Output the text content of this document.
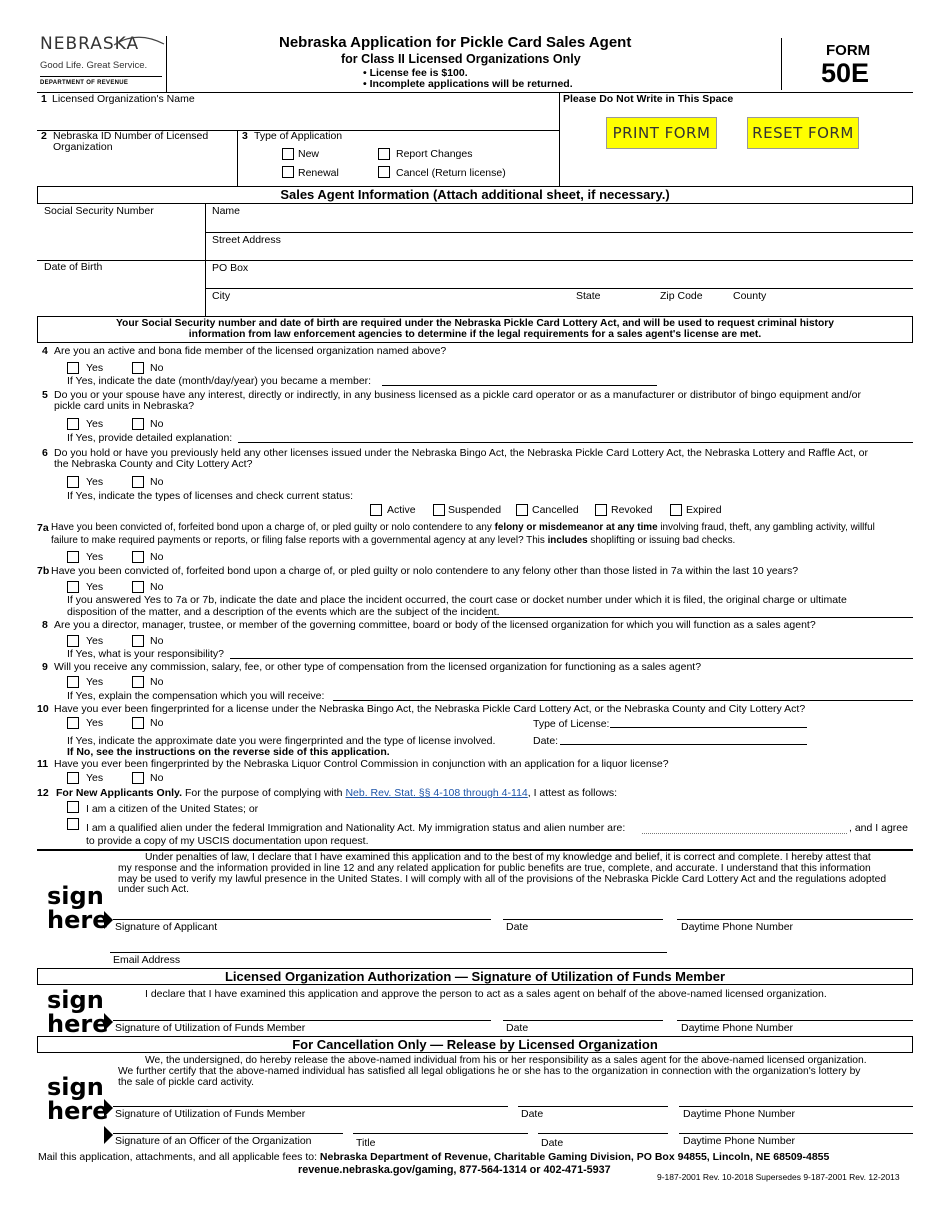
NEBRASKA
Good Life. Great Service.
DEPARTMENT OF REVENUE
Nebraska Application for Pickle Card Sales Agent
for Class II Licensed Organizations Only
• License fee is $100.
• Incomplete applications will be returned.
FORM
50E
1 Licensed Organization's Name	Please Do Not Write in This Space
PRINT FORM	RESET FORM
2 Nebraska ID Number of Licensed
Organization
3 Type of Application
New
Renewal
Report Changes
Cancel (Return license)
Sales Agent Information (Attach additional sheet, if necessary.)
Social Security Number
Date of Birth
Name
Street Address
PO Box
City	State	Zip Code	County
Your Social Security number and date of birth are required under the Nebraska Pickle Card Lottery Act, and will be used to request criminal history
information from law enforcement agencies to determine if the legal requirements for a sales agent's license are met.
4 Are you an active and bona fide member of the licensed organization named above?
Yes	No
If Yes, indicate the date (month/day/year) you became a member:
5 Do you or your spouse have any interest, directly or indirectly, in any business licensed as a pickle card operator or as a manufacturer or distributor of bingo equipment and/or
pickle card units in Nebraska?
Yes	No
If Yes, provide detailed explanation:
6 Do you hold or have you previously held any other licenses issued under the Nebraska Bingo Act, the Nebraska Pickle Card Lottery Act, the Nebraska Lottery and Raffle Act, or
the Nebraska County and City Lottery Act?
Yes	No
If Yes, indicate the types of licenses and check current status:
Active	Suspended	Cancelled	Revoked	Expired
7a Have you been convicted of, forfeited bond upon a charge of, or pled guilty or nolo contendere to any felony or misdemeanor at any time involving fraud, theft, any gambling activity, willful
failure to make required payments or reports, or filing false reports with a governmental agency at any level? This includes shoplifting or issuing bad checks.
Yes	No
7b Have you been convicted of, forfeited bond upon a charge of, or pled guilty or nolo contendere to any felony other than those listed in 7a within the last 10 years?
Yes	No
If you answered Yes to 7a or 7b, indicate the date and place the incident occurred, the court case or docket number under which it is filed, the original charge or ultimate
disposition of the matter, and a description of the events which are the subject of the incident.
8 Are you a director, manager, trustee, or member of the governing committee, board or body of the licensed organization for which you will function as a sales agent?
Yes	No
If Yes, what is your responsibility?
9 Will you receive any commission, salary, fee, or other type of compensation from the licensed organization for functioning as a sales agent?
Yes	No
If Yes, explain the compensation which you will receive:
10 Have you ever been fingerprinted for a license under the Nebraska Bingo Act, the Nebraska Pickle Card Lottery Act, or the Nebraska County and City Lottery Act?
Yes	No	Type of License:
If Yes, indicate the approximate date you were fingerprinted and the type of license involved.	Date:
If No, see the instructions on the reverse side of this application.
11 Have you ever been fingerprinted by the Nebraska Liquor Control Commission in conjunction with an application for a liquor license?
Yes	No
12 For New Applicants Only. For the purpose of complying with Neb. Rev. Stat. §§ 4-108 through 4-114, I attest as follows:
I am a citizen of the United States; or
I am a qualified alien under the federal Immigration and Nationality Act. My immigration status and alien number are:	, and I agree
to provide a copy of my USCIS documentation upon request.
Under penalties of law, I declare that I have examined this application and to the best of my knowledge and belief, it is correct and complete. I hereby attest that
my response and the information provided in line 12 and any related application for public benefits are true, complete, and accurate. I understand that this information
may be used to verify my lawful presence in the United States. I will comply with all of the provisions of the Nebraska Pickle Card Lottery Act and the regulations adopted
under such Act.
sign
here Signature of Applicant	Date	Daytime Phone Number
Email Address
Licensed Organization Authorization — Signature of Utilization of Funds Member
I declare that I have examined this application and approve the person to act as a sales agent on behalf of the above-named licensed organization.
sign
here Signature of Utilization of Funds Member	Date	Daytime Phone Number
For Cancellation Only — Release by Licensed Organization
We, the undersigned, do hereby release the above-named individual from his or her responsibility as a sales agent for the above-named licensed organization.
We further certify that the above-named individual has satisfied all legal obligations he or she has to the organization in connection with the organization's lottery by
the sale of pickle card activity.
sign
here Signature of Utilization of Funds Member	Date	Daytime Phone Number
Signature of an Officer of the Organization	Title	Date	Daytime Phone Number
Mail this application, attachments, and all applicable fees to: Nebraska Department of Revenue, Charitable Gaming Division, PO Box 94855, Lincoln, NE 68509-4855
revenue.nebraska.gov/gaming, 877-564-1314 or 402-471-5937
9-187-2001 Rev. 10-2018 Supersedes 9-187-2001 Rev. 12-2013
